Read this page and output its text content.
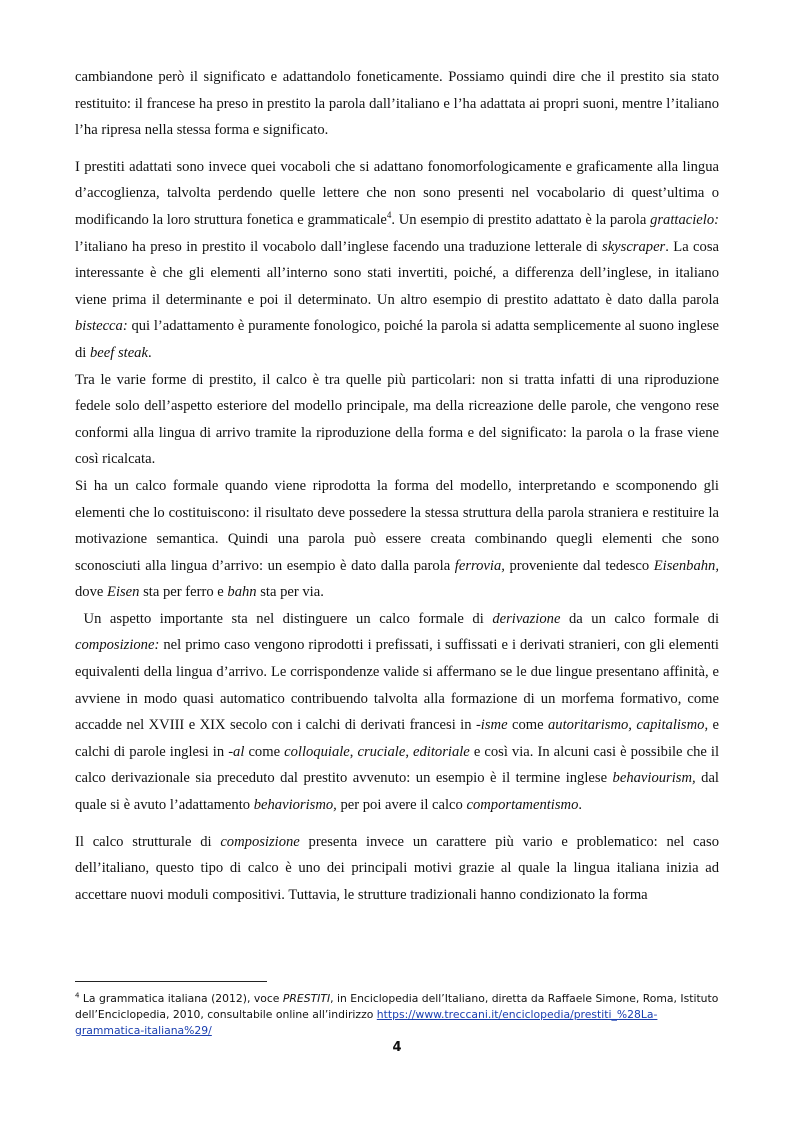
cambiandone però il significato e adattandolo foneticamente. Possiamo quindi dire che il prestito sia stato restituito: il francese ha preso in prestito la parola dall’italiano e l’ha adattata ai propri suoni, mentre l’italiano l’ha ripresa nella stessa forma e significato.

I prestiti adattati sono invece quei vocaboli che si adattano fonomorfologicamente e graficamente alla lingua d’accoglienza, talvolta perdendo quelle lettere che non sono presenti nel vocabolario di quest’ultima o modificando la loro struttura fonetica e grammaticale$^4$. Un esempio di prestito adattato è la parola grattacielo: l’italiano ha preso in prestito il vocabolo dall’inglese facendo una traduzione letterale di skyscraper. La cosa interessante è che gli elementi all’interno sono stati invertiti, poiché, a differenza dell’inglese, in italiano viene prima il determinante e poi il determinato. Un altro esempio di prestito adattato è dato dalla parola bistecca: qui l’adattamento è puramente fonologico, poiché la parola si adatta semplicemente al suono inglese di beef steak.

Tra le varie forme di prestito, il calco è tra quelle più particolari: non si tratta infatti di una riproduzione fedele solo dell’aspetto esteriore del modello principale, ma della ricreazione delle parole, che vengono rese conformi alla lingua di arrivo tramite la riproduzione della forma e del significato: la parola o la frase viene così ricalcata.

Si ha un calco formale quando viene riprodotta la forma del modello, interpretando e scomponendo gli elementi che lo costituiscono: il risultato deve possedere la stessa struttura della parola straniera e restituire la motivazione semantica. Quindi una parola può essere creata combinando quegli elementi che sono sconosciuti alla lingua d’arrivo: un esempio è dato dalla parola ferrovia, proveniente dal tedesco Eisenbahn, dove Eisen sta per ferro e bahn sta per via.

Un aspetto importante sta nel distinguere un calco formale di derivazione da un calco formale di composizione: nel primo caso vengono riprodotti i prefissati, i suffissati e i derivati stranieri, con gli elementi equivalenti della lingua d’arrivo. Le corrispondenze valide si affermano se le due lingue presentano affinità, e avviene in modo quasi automatico contribuendo talvolta alla formazione di un morfema formativo, come accadde nel XVIII e XIX secolo con i calchi di derivati francesi in -isme come autoritarismo, capitalismo, e calchi di parole inglesi in -al come colloquiale, cruciale, editoriale e così via. In alcuni casi è possibile che il calco derivazionale sia preceduto dal prestito avvenuto: un esempio è il termine inglese behaviourism, dal quale si è avuto l’adattamento behaviorismo, per poi avere il calco comportamentismo.

Il calco strutturale di composizione presenta invece un carattere più vario e problematico: nel caso dell’italiano, questo tipo di calco è uno dei principali motivi grazie al quale la lingua italiana inizia ad accettare nuovi moduli compositivi. Tuttavia, le strutture tradizionali hanno condizionato la forma

$^4$ La grammatica italiana (2012), voce PRESTITI, in Enciclopedia dell’Italiano, diretta da Raffaele Simone, Roma, Istituto dell’Enciclopedia, 2010, consultabile online all’indirizzo https://www.treccani.it/enciclopedia/prestiti_%28La-grammatica-italiana%29/
4
